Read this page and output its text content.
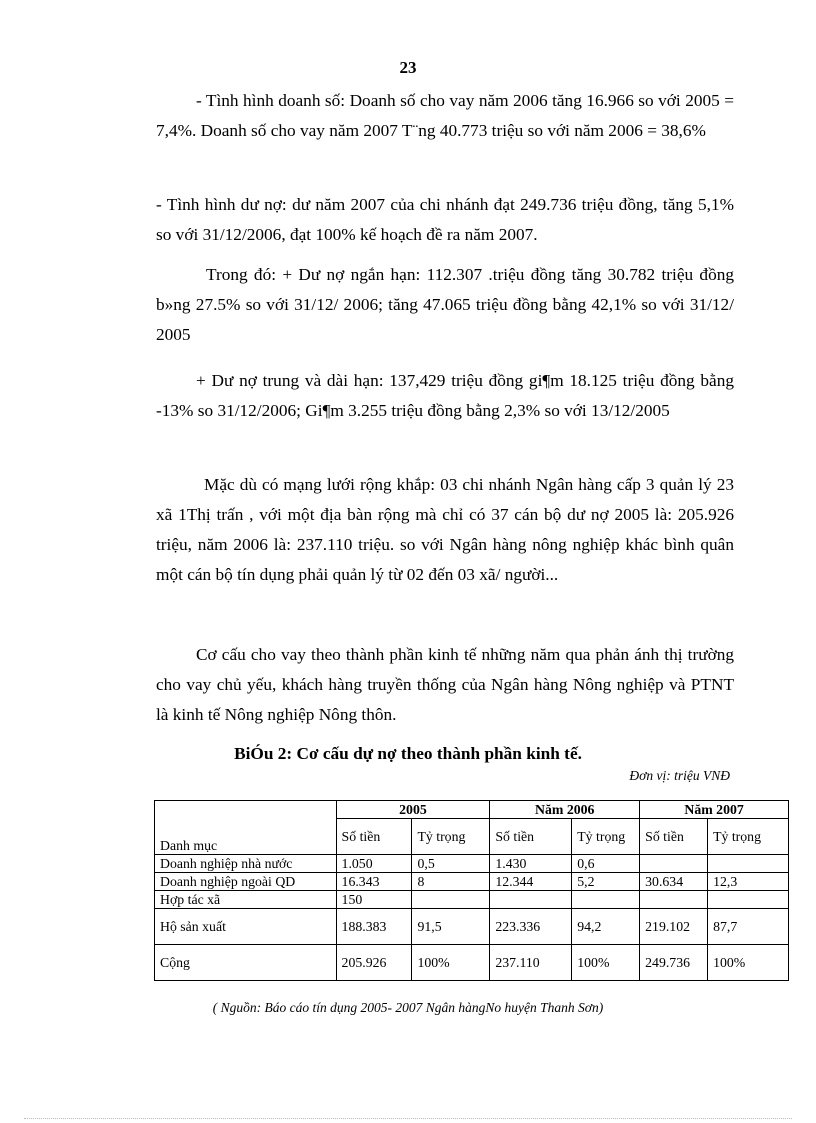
23

- Tình hình doanh số: Doanh số cho vay năm 2006 tăng 16.966 so với 2005 = 7,4%. Doanh số cho vay năm 2007 T¨ng 40.773 triệu so với năm 2006 = 38,6%

- Tình hình dư nợ: dư năm 2007 của chi nhánh đạt 249.736 triệu đồng, tăng 5,1% so với 31/12/2006, đạt 100% kế hoạch đề ra năm 2007.

Trong đó: + Dư nợ ngắn hạn: 112.307 .triệu đồng tăng 30.782 triệu đồng b»ng 27.5% so với 31/12/ 2006; tăng 47.065 triệu đồng bằng 42,1% so với 31/12/ 2005

+ Dư nợ trung và dài hạn: 137,429 triệu đồng gi¶m 18.125 triệu đồng bằng -13% so 31/12/2006; Gi¶m 3.255 triệu đồng bằng 2,3% so với 13/12/2005

Mặc dù có mạng lưới rộng khắp: 03 chi nhánh Ngân hàng cấp 3 quản lý 23 xã 1Thị trấn , với một địa bàn rộng mà chỉ có 37 cán bộ dư nợ 2005 là: 205.926 triệu, năm 2006 là: 237.110 triệu. so với Ngân hàng nông nghiệp khác bình quân một cán bộ tín dụng phải quản lý từ 02 đến 03 xã/ người...

Cơ cấu cho vay theo thành phần kinh tế những năm qua phản ánh thị trường cho vay chủ yếu, khách hàng truyền thống của Ngân hàng Nông nghiệp và PTNT là kinh tế Nông nghiệp Nông thôn.

BiÓu 2: Cơ cấu dự nợ theo thành phần kinh tế.
Đơn vị: triệu VNĐ
Danh mục	2005		Năm 2006		Năm 2007	
	Số tiền	Tỷ trọng	Số tiền	Tỷ trọng	Số tiền	Tỷ trọng
Doanh nghiệp nhà nước	1.050	0,5	1.430	0,6		
Doanh nghiệp ngoài QD	16.343	8	12.344	5,2	30.634	12,3
Hợp tác xã	150					
Hộ sản xuất	188.383	91,5	223.336	94,2	219.102	87,7
Cộng	205.926	100%	237.110	100%	249.736	100%
( Nguồn: Báo cáo tín dụng 2005- 2007 Ngân hàngNo huyện Thanh Sơn)
